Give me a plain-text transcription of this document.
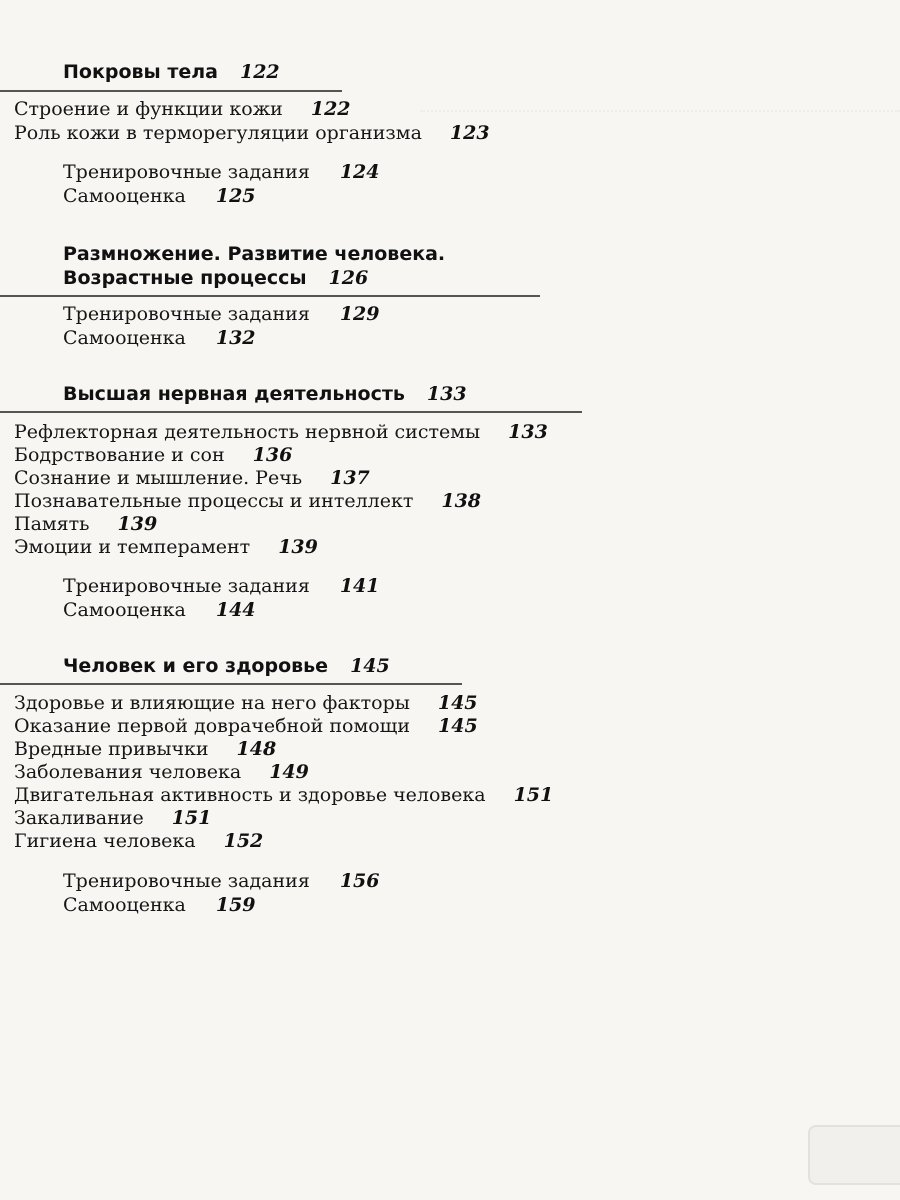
Покровы тела 122
Строение и функции кожи 122
Роль кожи в терморегуляции организма 123
Тренировочные задания 124
Самооценка 125
Размножение. Развитие человека.
Возрастные процессы 126
Тренировочные задания 129
Самооценка 132
Высшая нервная деятельность 133
Рефлекторная деятельность нервной системы 133
Бодрствование и сон 136
Сознание и мышление. Речь 137
Познавательные процессы и интеллект 138
Память 139
Эмоции и темперамент 139
Тренировочные задания 141
Самооценка 144
Человек и его здоровье 145
Здоровье и влияющие на него факторы 145
Оказание первой доврачебной помощи 145
Вредные привычки 148
Заболевания человека 149
Двигательная активность и здоровье человека 151
Закаливание 151
Гигиена человека 152
Тренировочные задания 156
Самооценка 159
